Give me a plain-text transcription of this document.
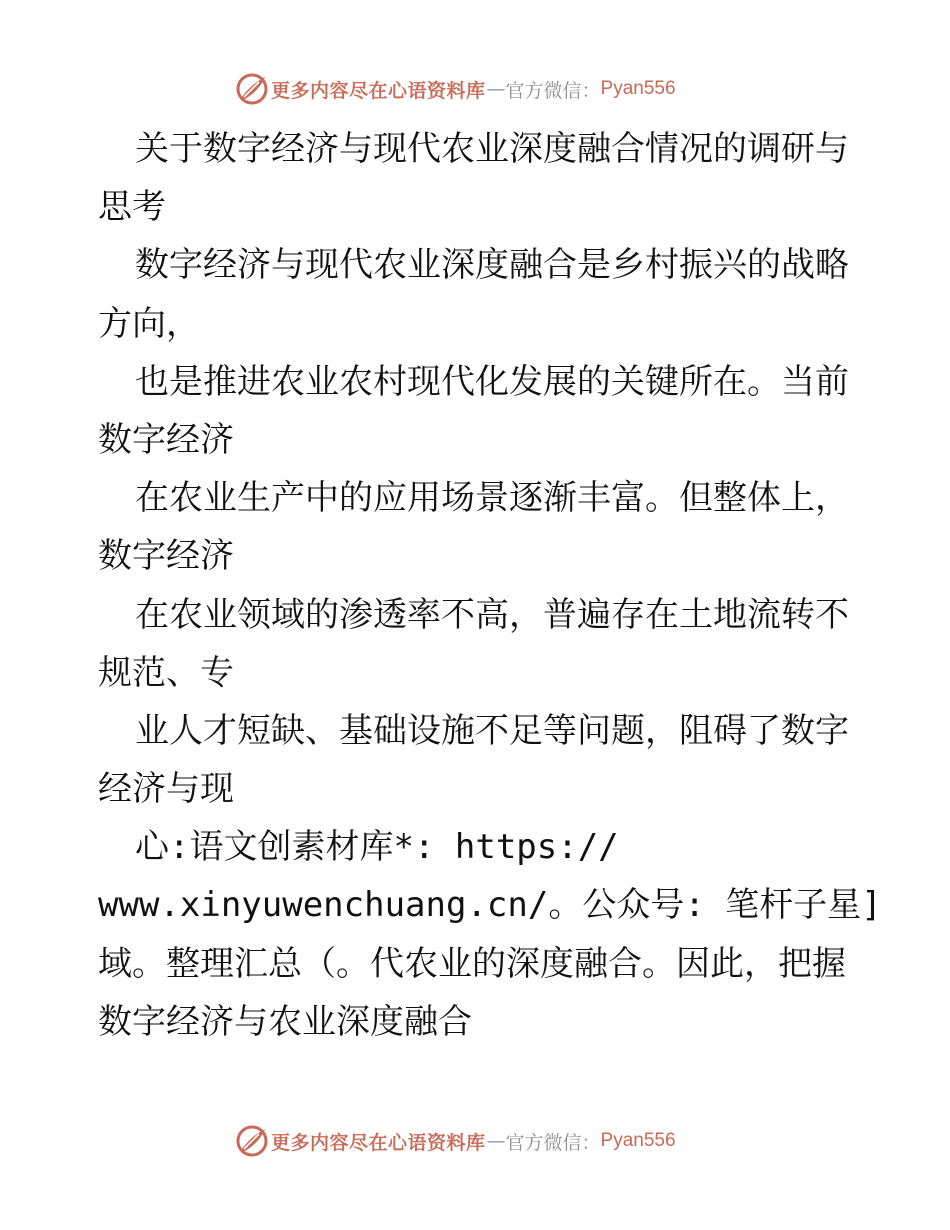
更多内容尽在心语资料库 — 官方微信： Pyan556
关于数字经济与现代农业深度融合情况的调研与
思考
数字经济与现代农业深度融合是乡村振兴的战略
方向，
也是推进农业农村现代化发展的关键所在。当前
数字经济
在农业生产中的应用场景逐渐丰富。但整体上，
数字经济
在农业领域的渗透率不高，普遍存在土地流转不
规范、专
业人才短缺、基础设施不足等问题，阻碍了数字
经济与现
心:语文创素材库*: https://
www.xinyuwenchuang.cn/。公众号: 笔杆子星]
域。整理汇总（。代农业的深度融合。因此，把握
数字经济与农业深度融合
更多内容尽在心语资料库 — 官方微信： Pyan556
